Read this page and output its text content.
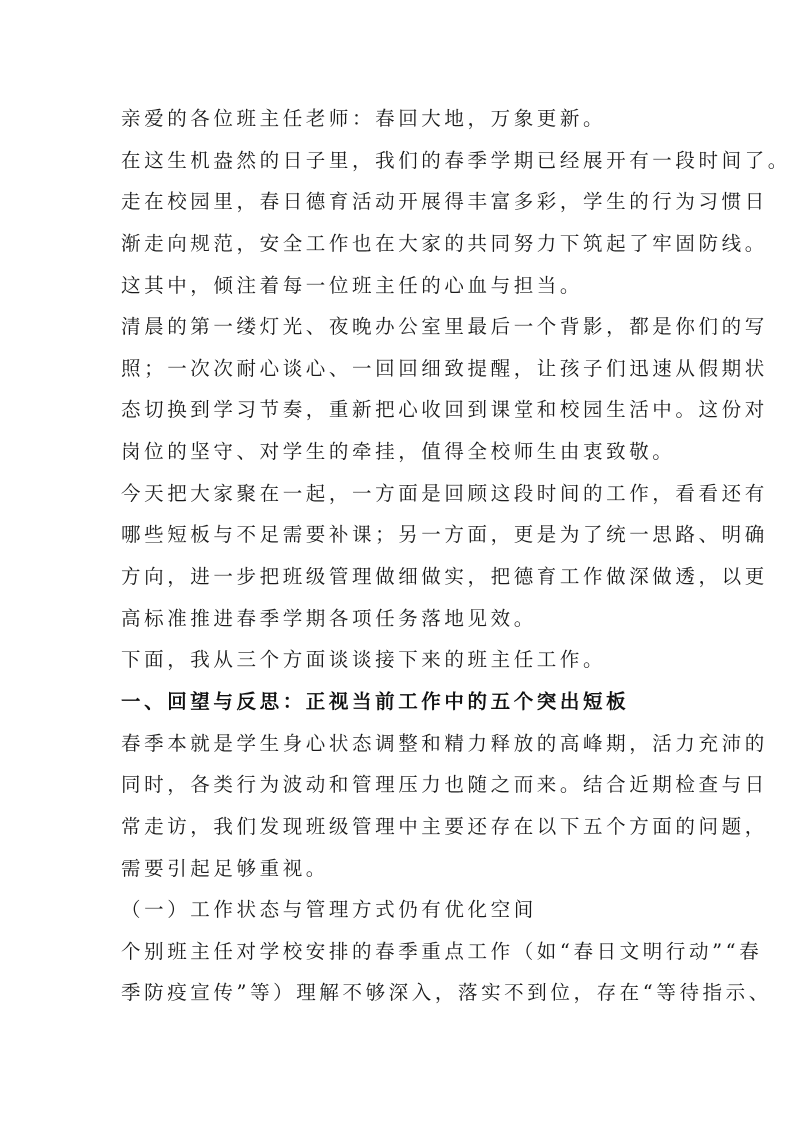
亲爱的各位班主任老师：春回大地，万象更新。
在这生机盎然的日子里，我们的春季学期已经展开有一段时间了。
走在校园里，春日德育活动开展得丰富多彩，学生的行为习惯日
渐走向规范，安全工作也在大家的共同努力下筑起了牢固防线。
这其中，倾注着每一位班主任的心血与担当。
清晨的第一缕灯光、夜晚办公室里最后一个背影，都是你们的写
照；一次次耐心谈心、一回回细致提醒，让孩子们迅速从假期状
态切换到学习节奏，重新把心收回到课堂和校园生活中。这份对
岗位的坚守、对学生的牵挂，值得全校师生由衷致敬。
今天把大家聚在一起，一方面是回顾这段时间的工作，看看还有
哪些短板与不足需要补课；另一方面，更是为了统一思路、明确
方向，进一步把班级管理做细做实，把德育工作做深做透，以更
高标准推进春季学期各项任务落地见效。
下面，我从三个方面谈谈接下来的班主任工作。
一、回望与反思：正视当前工作中的五个突出短板
春季本就是学生身心状态调整和精力释放的高峰期，活力充沛的
同时，各类行为波动和管理压力也随之而来。结合近期检查与日
常走访，我们发现班级管理中主要还存在以下五个方面的问题，
需要引起足够重视。
（一）工作状态与管理方式仍有优化空间
个别班主任对学校安排的春季重点工作（如“春日文明行动”“春
季防疫宣传”等）理解不够深入，落实不到位，存在“等待指示、
